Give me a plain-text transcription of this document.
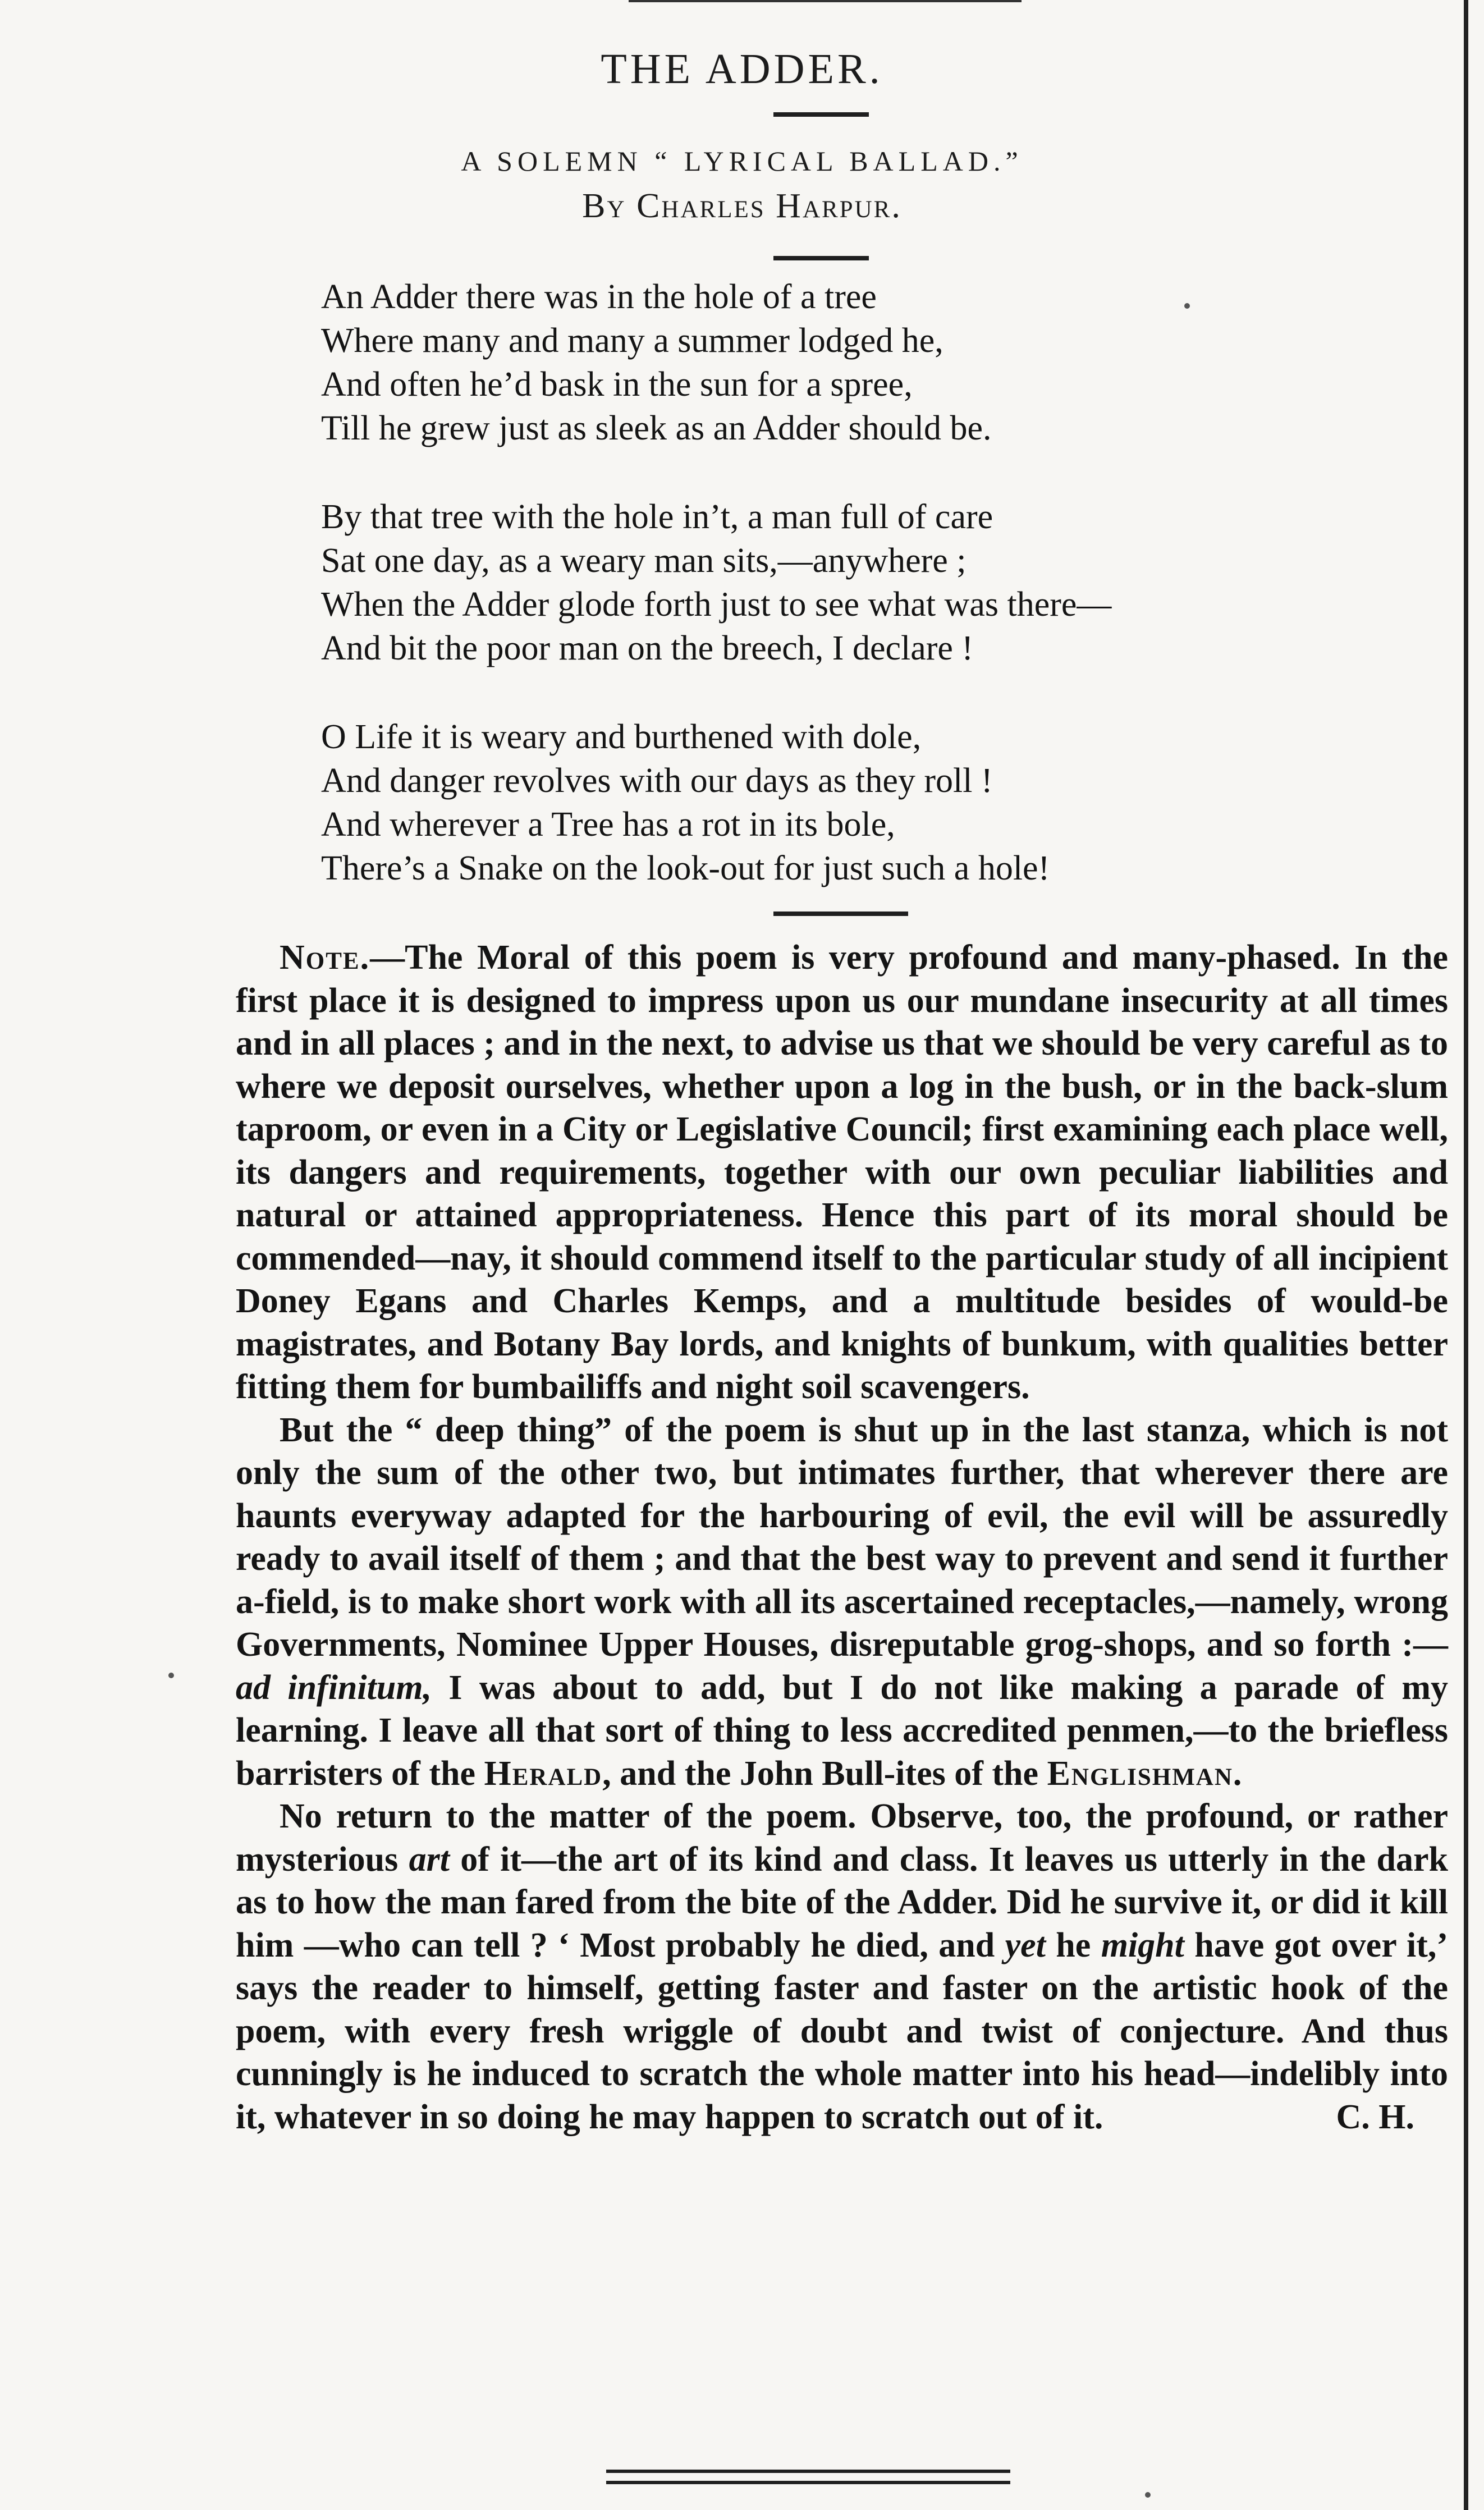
THE ADDER.
A SOLEMN “ LYRICAL BALLAD.”
By Charles Harpur.
An Adder there was in the hole of a tree
Where many and many a summer lodged he,
And often he’d bask in the sun for a spree,
Till he grew just as sleek as an Adder should be.
By that tree with the hole in’t, a man full of care
Sat one day, as a weary man sits,—anywhere ;
When the Adder glode forth just to see what was there—
And bit the poor man on the breech, I declare !
O Life it is weary and burthened with dole,
And danger revolves with our days as they roll !
And wherever a Tree has a rot in its bole,
There’s a Snake on the look-out for just such a hole!

Note.—The Moral of this poem is very profound and many-phased. In the first place it is designed to impress upon us our mundane insecurity at all times and in all places ; and in the next, to advise us that we should be very careful as to where we deposit ourselves, whether upon a log in the bush, or in the back-slum taproom, or even in a City or Legislative Council; first examining each place well, its dangers and requirements, together with our own peculiar liabilities and natural or attained appropriateness. Hence this part of its moral should be commended—nay, it should commend itself to the particular study of all incipient Doney Egans and Charles Kemps, and a multitude besides of would-be magistrates, and Botany Bay lords, and knights of bunkum, with qualities better fitting them for bumbailiffs and night soil scavengers.

But the “ deep thing” of the poem is shut up in the last stanza, which is not only the sum of the other two, but intimates further, that wherever there are haunts everyway adapted for the harbouring of evil, the evil will be assuredly ready to avail itself of them ; and that the best way to prevent and send it further a-field, is to make short work with all its ascertained receptacles,—namely, wrong Governments, Nominee Upper Houses, disreputable grog-shops, and so forth :—ad infinitum, I was about to add, but I do not like making a parade of my learning. I leave all that sort of thing to less accredited penmen,—to the briefless barristers of the Herald, and the John Bull-ites of the Englishman.

No return to the matter of the poem. Observe, too, the profound, or rather mysterious art of it—the art of its kind and class. It leaves us utterly in the dark as to how the man fared from the bite of the Adder. Did he survive it, or did it kill him —who can tell ? ‘ Most probably he died, and yet he might have got over it,’ says the reader to himself, getting faster and faster on the artistic hook of the poem, with every fresh wriggle of doubt and twist of conjecture. And thus cunningly is he induced to scratch the whole matter into his head—indelibly into it, whatever in so doing he may happen to scratch out of it.	C. H.
